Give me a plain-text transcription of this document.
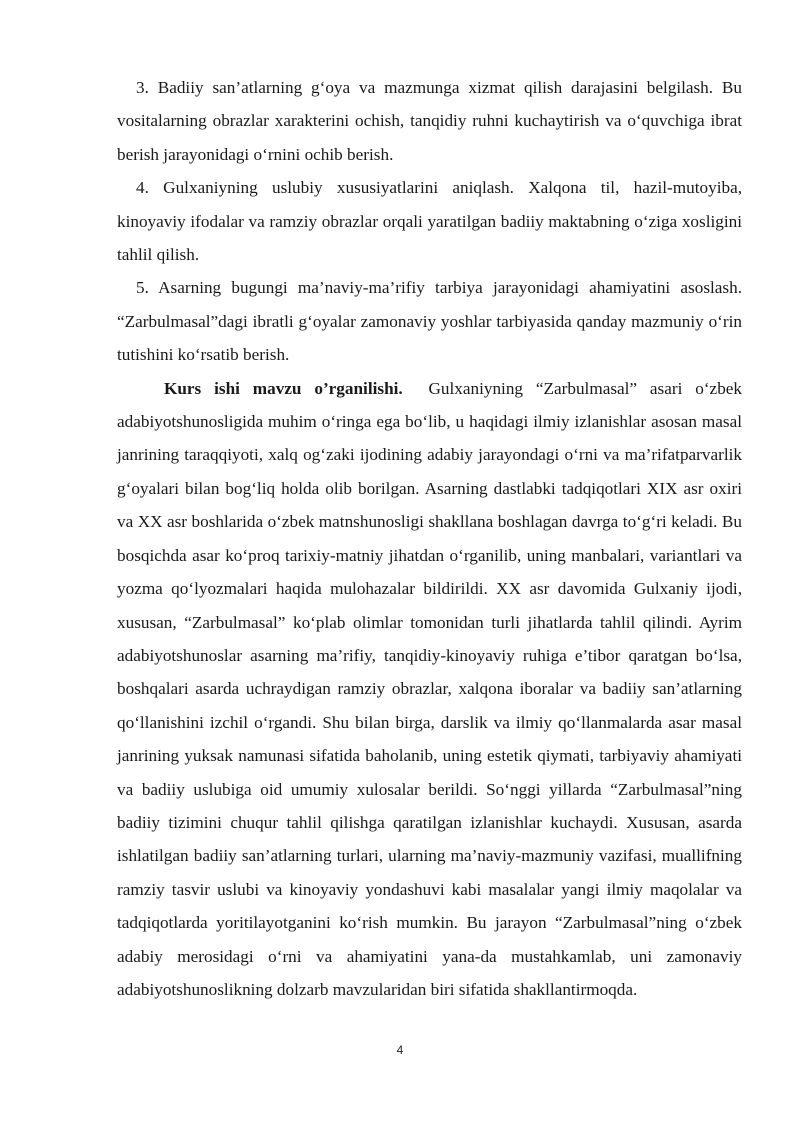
3. Badiiy san’atlarning g‘oya va mazmunga xizmat qilish darajasini belgilash. Bu vositalarning obrazlar xarakterini ochish, tanqidiy ruhni kuchaytirish va o‘quvchiga ibrat berish jarayonidagi o‘rnini ochib berish.

4. Gulxaniyning uslubiy xususiyatlarini aniqlash. Xalqona til, hazil-mutoyiba, kinoyaviy ifodalar va ramziy obrazlar orqali yaratilgan badiiy maktabning o‘ziga xosligini tahlil qilish.

5. Asarning bugungi ma’naviy-ma’rifiy tarbiya jarayonidagi ahamiyatini asoslash. “Zarbulmasal”dagi ibratli g‘oyalar zamonaviy yoshlar tarbiyasida qanday mazmuniy o‘rin tutishini ko‘rsatib berish.

Kurs ishi mavzu o’rganilishi. Gulxaniyning “Zarbulmasal” asari o‘zbek adabiyotshunosligida muhim o‘ringa ega bo‘lib, u haqidagi ilmiy izlanishlar asosan masal janrining taraqqiyoti, xalq og‘zaki ijodining adabiy jarayondagi o‘rni va ma’rifatparvarlik g‘oyalari bilan bog‘liq holda olib borilgan. Asarning dastlabki tadqiqotlari XIX asr oxiri va XX asr boshlarida o‘zbek matnshunosligi shakllana boshlagan davrga to‘g‘ri keladi. Bu bosqichda asar ko‘proq tarixiy-matniy jihatdan o‘rganilib, uning manbalari, variantlari va yozma qo‘lyozmalari haqida mulohazalar bildirildi. XX asr davomida Gulxaniy ijodi, xususan, “Zarbulmasal” ko‘plab olimlar tomonidan turli jihatlarda tahlil qilindi. Ayrim adabiyotshunoslar asarning ma’rifiy, tanqidiy-kinoyaviy ruhiga e’tibor qaratgan bo‘lsa, boshqalari asarda uchraydigan ramziy obrazlar, xalqona iboralar va badiiy san’atlarning qo‘llanishini izchil o‘rgandi. Shu bilan birga, darslik va ilmiy qo‘llanmalarda asar masal janrining yuksak namunasi sifatida baholanib, uning estetik qiymati, tarbiyaviy ahamiyati va badiiy uslubiga oid umumiy xulosalar berildi. So‘nggi yillarda “Zarbulmasal”ning badiiy tizimini chuqur tahlil qilishga qaratilgan izlanishlar kuchaydi. Xususan, asarda ishlatilgan badiiy san’atlarning turlari, ularning ma’naviy-mazmuniy vazifasi, muallifning ramziy tasvir uslubi va kinoyaviy yondashuvi kabi masalalar yangi ilmiy maqolalar va tadqiqotlarda yoritilayotganini ko‘rish mumkin. Bu jarayon “Zarbulmasal”ning o‘zbek adabiy merosidagi o‘rni va ahamiyatini yana-da mustahkamlab, uni zamonaviy adabiyotshunoslikning dolzarb mavzularidan biri sifatida shakllantirmoqda.

4
